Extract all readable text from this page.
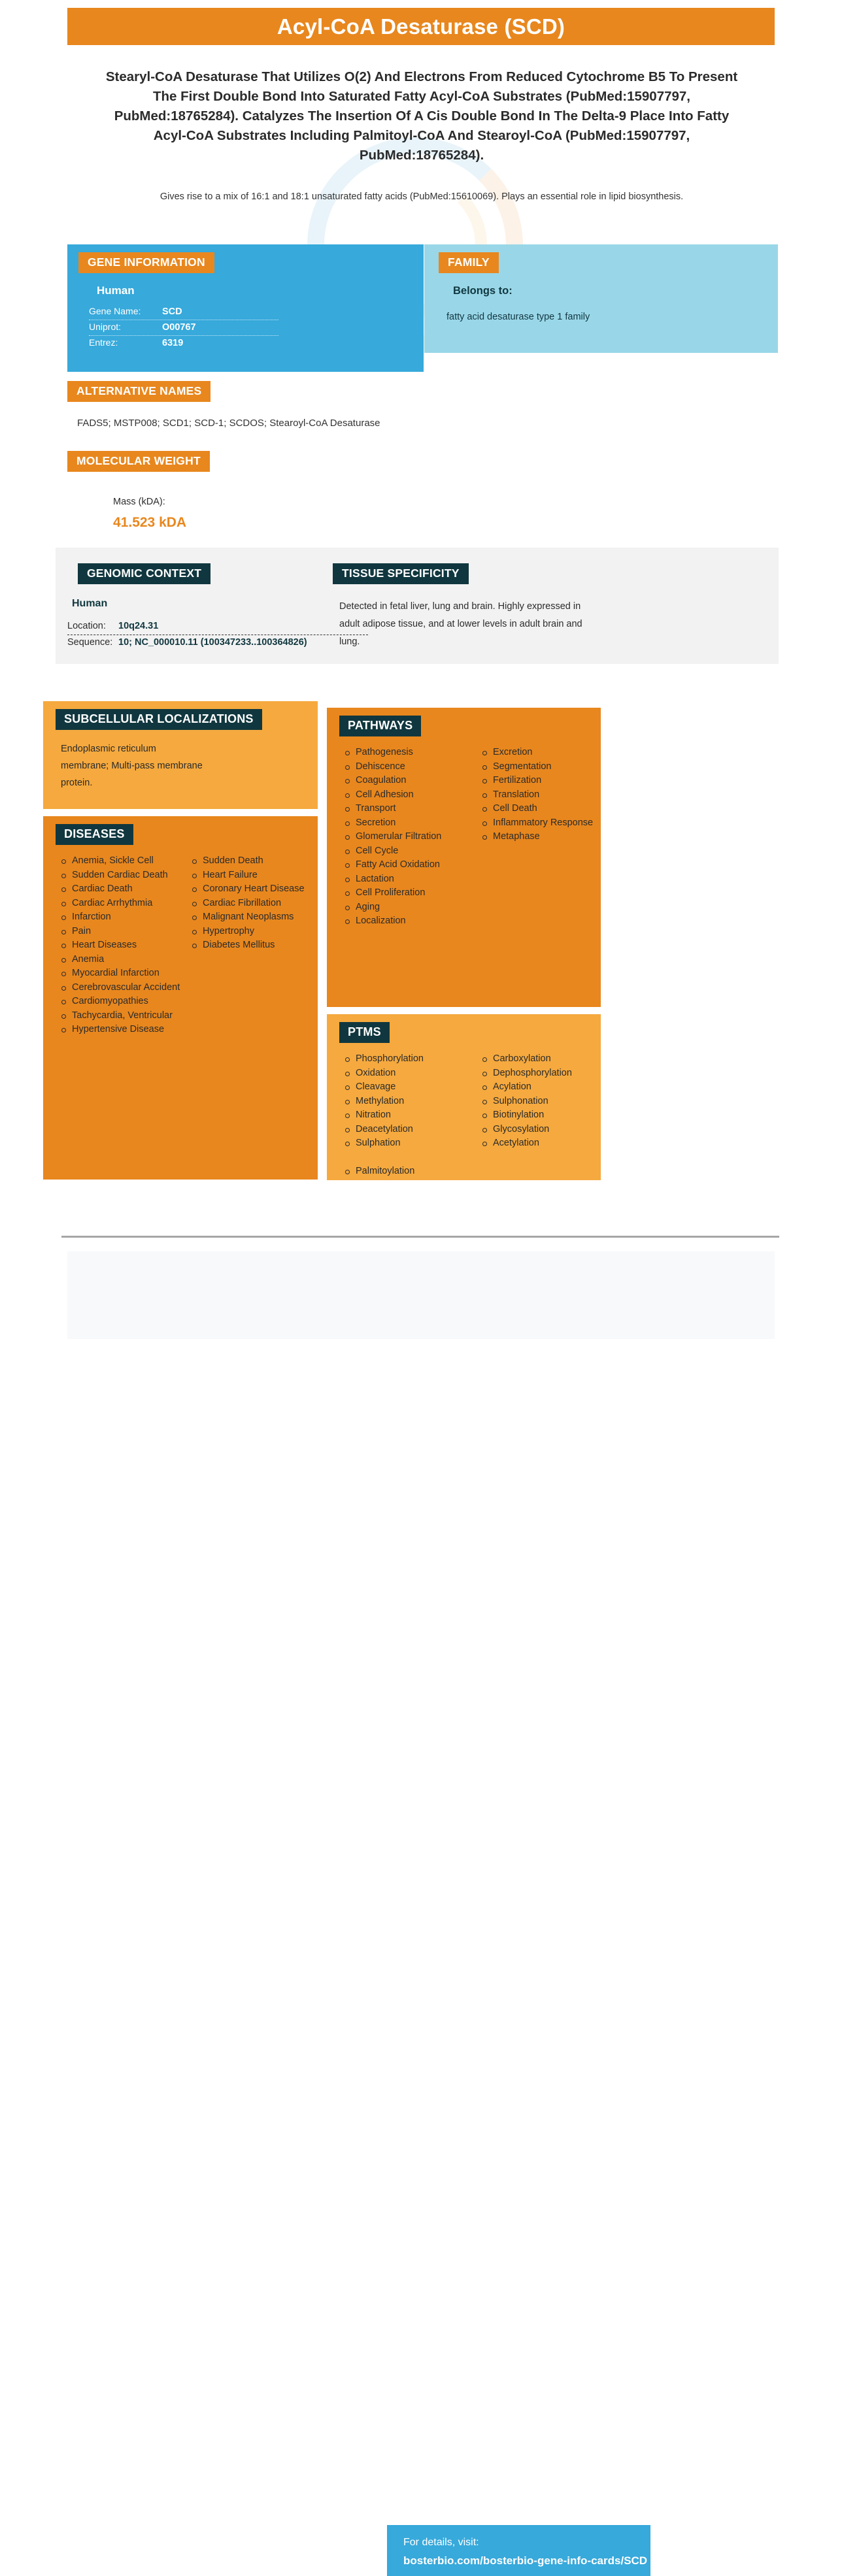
Acyl-CoA Desaturase (SCD)
Stearyl-CoA Desaturase That Utilizes O(2) And Electrons From Reduced Cytochrome B5 To Present The First Double Bond Into Saturated Fatty Acyl-CoA Substrates (PubMed:15907797, PubMed:18765284). Catalyzes The Insertion Of A Cis Double Bond In The Delta-9 Place Into Fatty Acyl-CoA Substrates Including Palmitoyl-CoA And Stearoyl-CoA (PubMed:15907797, PubMed:18765284).
Gives rise to a mix of 16:1 and 18:1 unsaturated fatty acids (PubMed:15610069). Plays an essential role in lipid biosynthesis.
GENE INFORMATION
Human
Gene Name:	SCD
Uniprot:	O00767
Entrez:	6319
FAMILY
Belongs to:
fatty acid desaturase type 1 family
ALTERNATIVE NAMES
FADS5; MSTP008; SCD1; SCD-1; SCDOS; Stearoyl-CoA Desaturase
MOLECULAR WEIGHT
Mass (kDA):
41.523 kDA
GENOMIC CONTEXT
Human
Location:	10q24.31
Sequence: 10; NC_000010.11 (100347233..100364826)
TISSUE SPECIFICITY
Detected in fetal liver, lung and brain. Highly expressed in adult adipose tissue, and at lower levels in adult brain and lung.
SUBCELLULAR LOCALIZATIONS
Endoplasmic reticulum membrane; Multi-pass membrane protein.
DISEASES
Anemia, Sickle Cell
Sudden Cardiac Death
Cardiac Death
Cardiac Arrhythmia
Infarction
Pain
Heart Diseases
Anemia
Myocardial Infarction
Cerebrovascular Accident
Cardiomyopathies
Tachycardia, Ventricular
Hypertensive Disease
Sudden Death
Heart Failure
Coronary Heart Disease
Cardiac Fibrillation
Malignant Neoplasms
Hypertrophy
Diabetes Mellitus
PATHWAYS
Pathogenesis
Dehiscence
Coagulation
Cell Adhesion
Transport
Secretion
Glomerular Filtration
Cell Cycle
Fatty Acid Oxidation
Lactation
Cell Proliferation
Aging
Localization
Excretion
Segmentation
Fertilization
Translation
Cell Death
Inflammatory Response
Metaphase
PTMS
Phosphorylation
Oxidation
Cleavage
Methylation
Nitration
Deacetylation
Sulphation
Palmitoylation
Carboxylation
Dephosphorylation
Acylation
Sulphonation
Biotinylation
Glycosylation
Acetylation
For details, visit:
bosterbio.com/bosterbio-gene-info-cards/SCD
